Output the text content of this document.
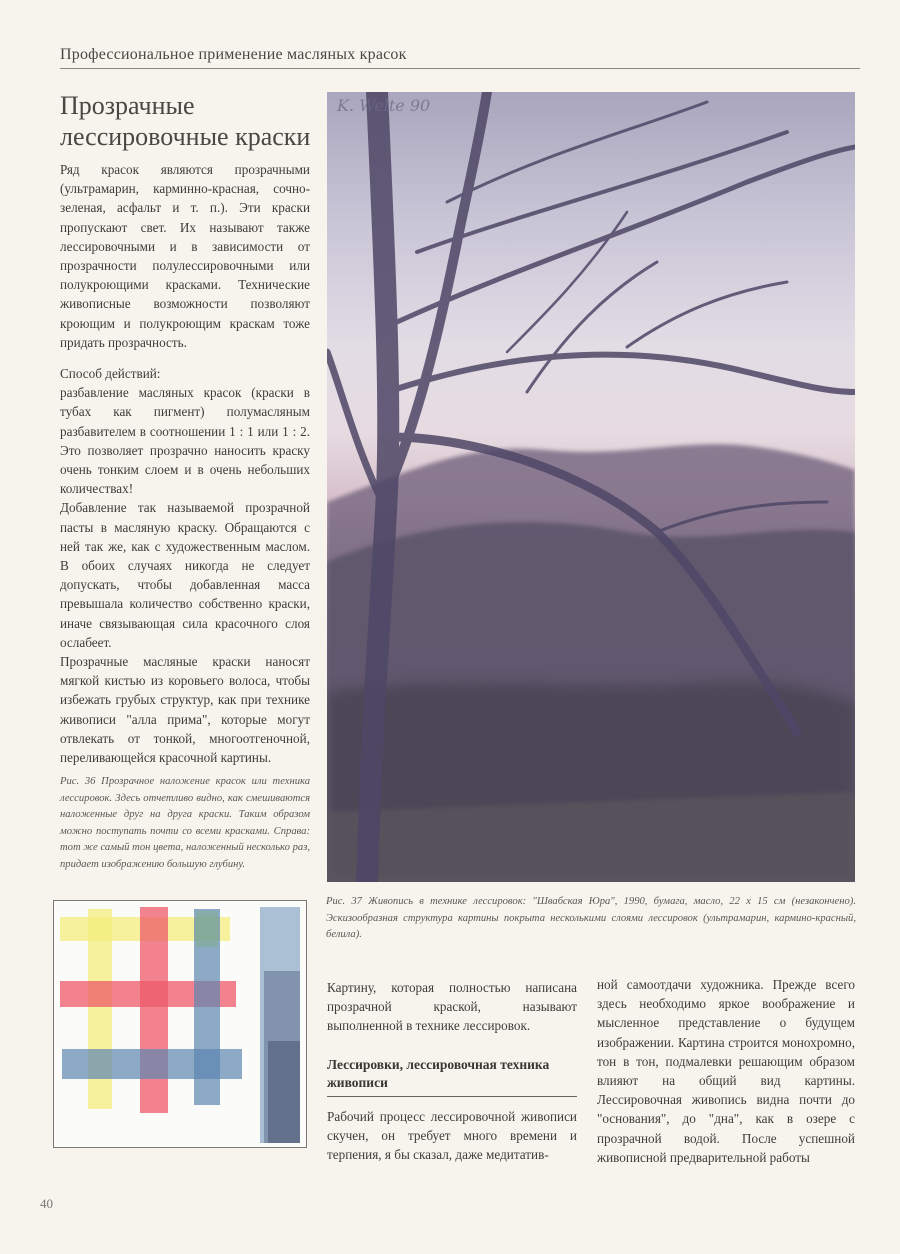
Профессиональное применение масляных красок
Прозрачные
лессировочные краски

Ряд красок являются прозрачными (ультрамарин, карминно-красная, сочно-зеленая, асфальт и т. п.). Эти краски пропускают свет. Их называют также лессировочными и в зависимости от прозрачности полулессировочными или полукроющими красками. Технические живописные возможности позволяют кроющим и полукроющим краскам тоже придать прозрачность.

Способ действий:

разбавление масляных красок (краски в тубах как пигмент) полумасляным разбавителем в соотношении 1 : 1 или 1 : 2. Это позволяет прозрачно наносить краску очень тонким слоем и в очень небольших количествах!

Добавление так называемой прозрачной пасты в масляную краску. Обращаются с ней так же, как с художественным маслом. В обоих случаях никогда не следует допускать, чтобы добавленная масса превышала количество собственно краски, иначе связывающая сила красочного слоя ослабеет.

Прозрачные масляные краски наносят мягкой кистью из коровьего волоса, чтобы избежать грубых структур, как при технике живописи "алла прима", которые могут отвлекать от тонкой, многоотгеночной, переливающейся красочной картины.

Рис. 36 Прозрачное наложение красок или техника лессировок. Здесь отчетливо видно, как смешиваются наложенные друг на друга краски. Таким образом можно поступать почти со всеми красками. Справа: тот же самый тон цвета, наложенный несколько раз, придает изображению большую глубину.

K. Welte 90

Рис. 37 Живопись в технике лессировок: "Швабская Юра", 1990, бумага, масло, 22 x 15 см (незакончено). Эскизообразная структура картины покрыта несколькими слоями лессировок (ультрамарин, кармино-красный, белила).

Картину, которая полностью написана прозрачной краской, называют выполненной в технике лессировок.

Лессировки, лессировочная техника живописи

Рабочий процесс лессировочной живописи скучен, он требует много времени и терпения, я бы сказал, даже медитатив-

ной самоотдачи художника. Прежде всего здесь необходимо яркое воображение и мысленное представление о будущем изображении. Картина строится монохромно, тон в тон, подмалевки решающим образом влияют на общий вид картины. Лессировочная живопись видна почти до "основания", до "дна", как в озере с прозрачной водой. После успешной живописной предварительной работы

40
